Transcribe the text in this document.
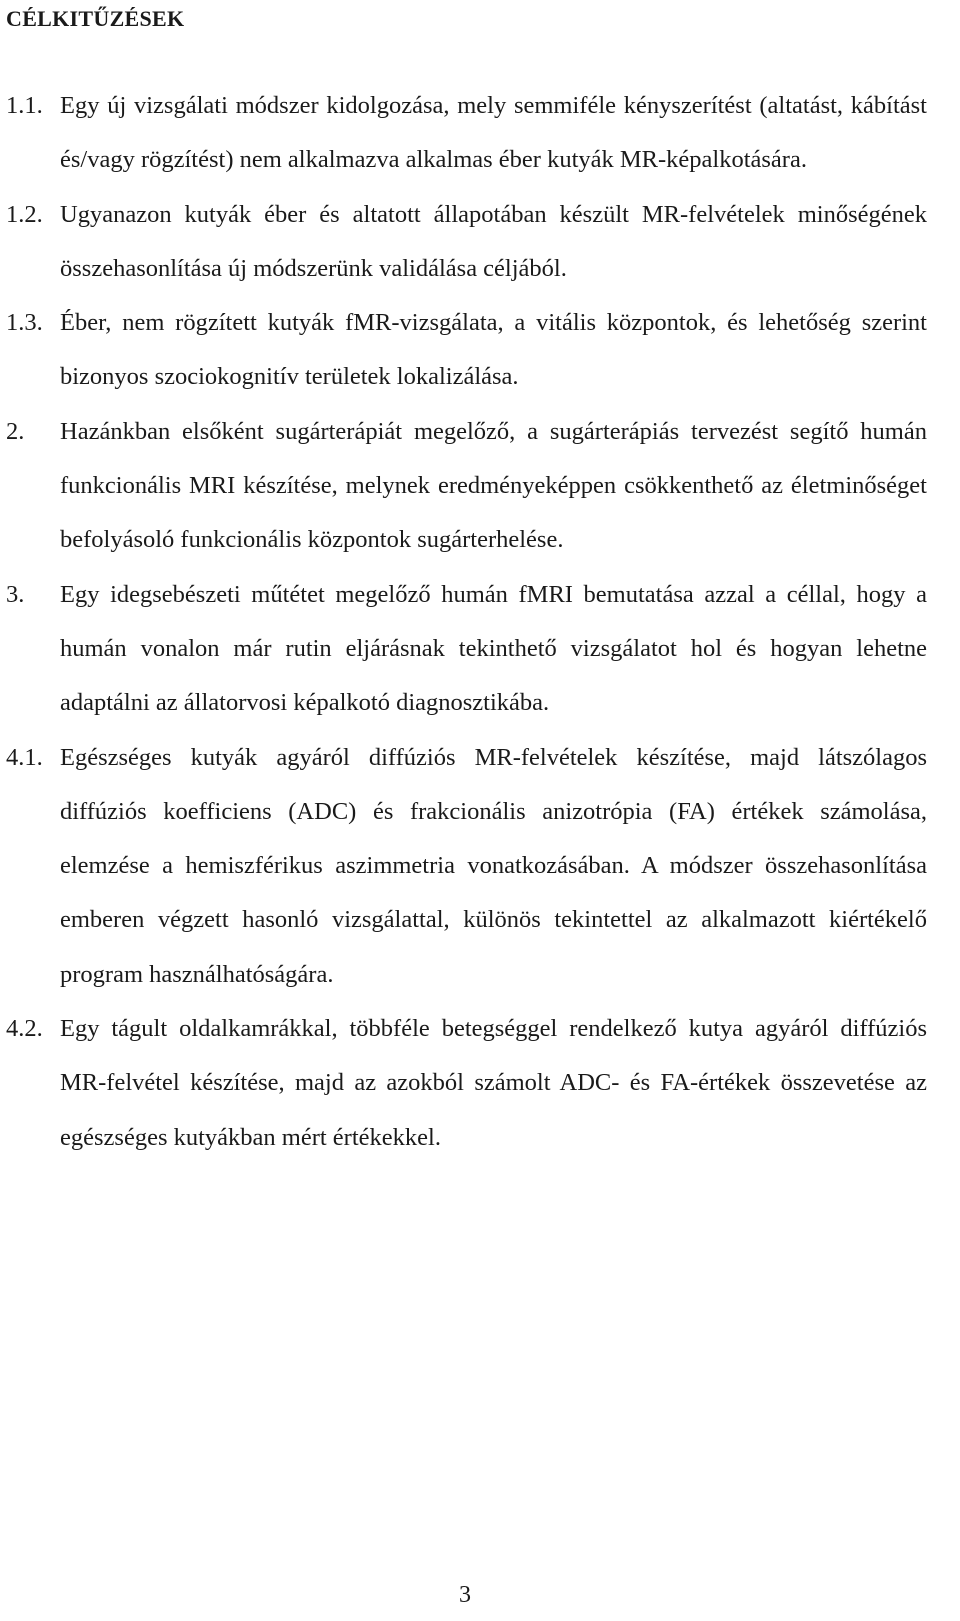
CÉLKITŰZÉSEK
1.1. Egy új vizsgálati módszer kidolgozása, mely semmiféle kényszerítést (altatást, kábítást és/vagy rögzítést) nem alkalmazva alkalmas éber kutyák MR-képalkotására.
1.2. Ugyanazon kutyák éber és altatott állapotában készült MR-felvételek minőségének összehasonlítása új módszerünk validálása céljából.
1.3. Éber, nem rögzített kutyák fMR-vizsgálata, a vitális központok, és lehetőség szerint bizonyos szociokognitív területek lokalizálása.
2.	Hazánkban elsőként sugárterápiát megelőző, a sugárterápiás tervezést segítő humán funkcionális MRI készítése, melynek eredményeképpen csökkenthető az életminőséget befolyásoló funkcionális központok sugárterhelése.
3.	Egy idegsebészeti műtétet megelőző humán fMRI bemutatása azzal a céllal, hogy a humán vonalon már rutin eljárásnak tekinthető vizsgálatot hol és hogyan lehetne adaptálni az állatorvosi képalkotó diagnosztikába.
4.1. Egészséges kutyák agyáról diffúziós MR-felvételek készítése, majd látszólagos diffúziós koefficiens (ADC) és frakcionális anizotrópia (FA) értékek számolása, elemzése a hemiszférikus aszimmetria vonatkozásában. A módszer összehasonlítása emberen végzett hasonló vizsgálattal, különös tekintettel az alkalmazott kiértékelő program használhatóságára.
4.2. Egy tágult oldalkamrákkal, többféle betegséggel rendelkező kutya agyáról diffúziós MR-felvétel készítése, majd az azokból számolt ADC- és FA-értékek összevetése az egészséges kutyákban mért értékekkel.
3
